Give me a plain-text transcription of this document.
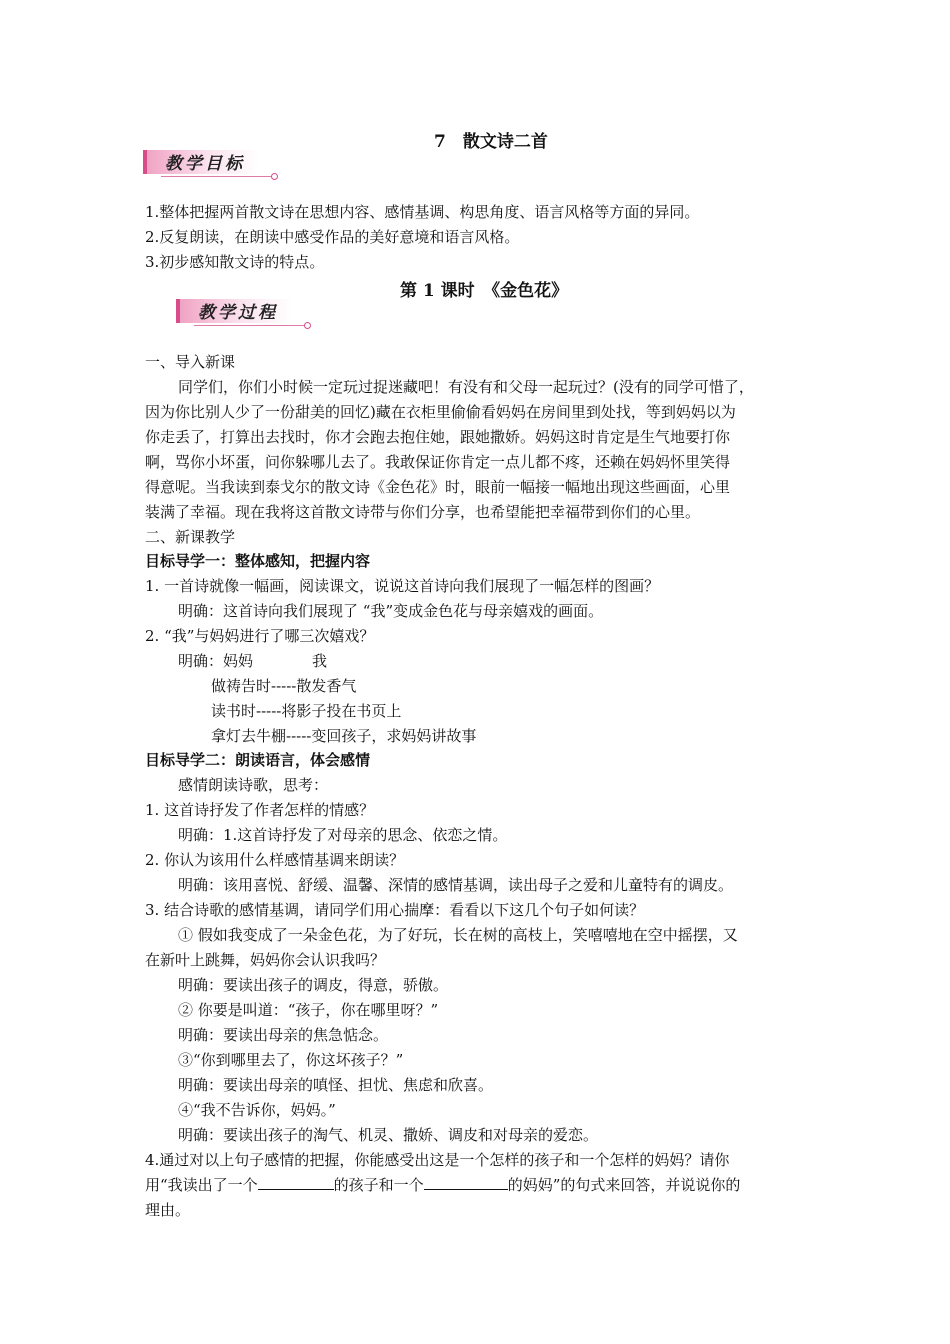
7　散文诗二首
教学目标
1.整体把握两首散文诗在思想内容、感情基调、构思角度、语言风格等方面的异同。
2.反复朗读，在朗读中感受作品的美好意境和语言风格。
3.初步感知散文诗的特点。
第 1 课时　《金色花》
教学过程
一、导入新课
同学们，你们小时候一定玩过捉迷藏吧！有没有和父母一起玩过？(没有的同学可惜了，
因为你比别人少了一份甜美的回忆)藏在衣柜里偷偷看妈妈在房间里到处找，等到妈妈以为
你走丢了，打算出去找时，你才会跑去抱住她，跟她撒娇。妈妈这时肯定是生气地要打你
啊，骂你小坏蛋，问你躲哪儿去了。我敢保证你肯定一点儿都不疼，还赖在妈妈怀里笑得
得意呢。当我读到泰戈尔的散文诗《金色花》时，眼前一幅接一幅地出现这些画面，心里
装满了幸福。现在我将这首散文诗带与你们分享，也希望能把幸福带到你们的心里。
二、新课教学
目标导学一：整体感知，把握内容
1. 一首诗就像一幅画，阅读课文，说说这首诗向我们展现了一幅怎样的图画？
明确：这首诗向我们展现了 “我”变成金色花与母亲嬉戏的画面。
2. “我”与妈妈进行了哪三次嬉戏？
明确：妈妈	我
做祷告时-----散发香气
读书时-----将影子投在书页上
拿灯去牛棚-----变回孩子，求妈妈讲故事
目标导学二：朗读语言，体会感情
感情朗读诗歌，思考：
1. 这首诗抒发了作者怎样的情感？
明确：1.这首诗抒发了对母亲的思念、依恋之情。
2. 你认为该用什么样感情基调来朗读？
明确：该用喜悦、舒缓、温馨、深情的感情基调，读出母子之爱和儿童特有的调皮。
3. 结合诗歌的感情基调，请同学们用心揣摩：看看以下这几个句子如何读？
① 假如我变成了一朵金色花，为了好玩，长在树的高枝上，笑嘻嘻地在空中摇摆，又
在新叶上跳舞，妈妈你会认识我吗？
明确：要读出孩子的调皮，得意，骄傲。
② 你要是叫道：“孩子，你在哪里呀？”
明确：要读出母亲的焦急惦念。
③“你到哪里去了，你这坏孩子？”
明确：要读出母亲的嗔怪、担忧、焦虑和欣喜。
④“我不告诉你，妈妈。”
明确：要读出孩子的淘气、机灵、撒娇、调皮和对母亲的爱恋。
4.通过对以上句子感情的把握，你能感受出这是一个怎样的孩子和一个怎样的妈妈？请你
用“我读出了一个	的孩子和一个	的妈妈”的句式来回答，并说说你的
理由。
